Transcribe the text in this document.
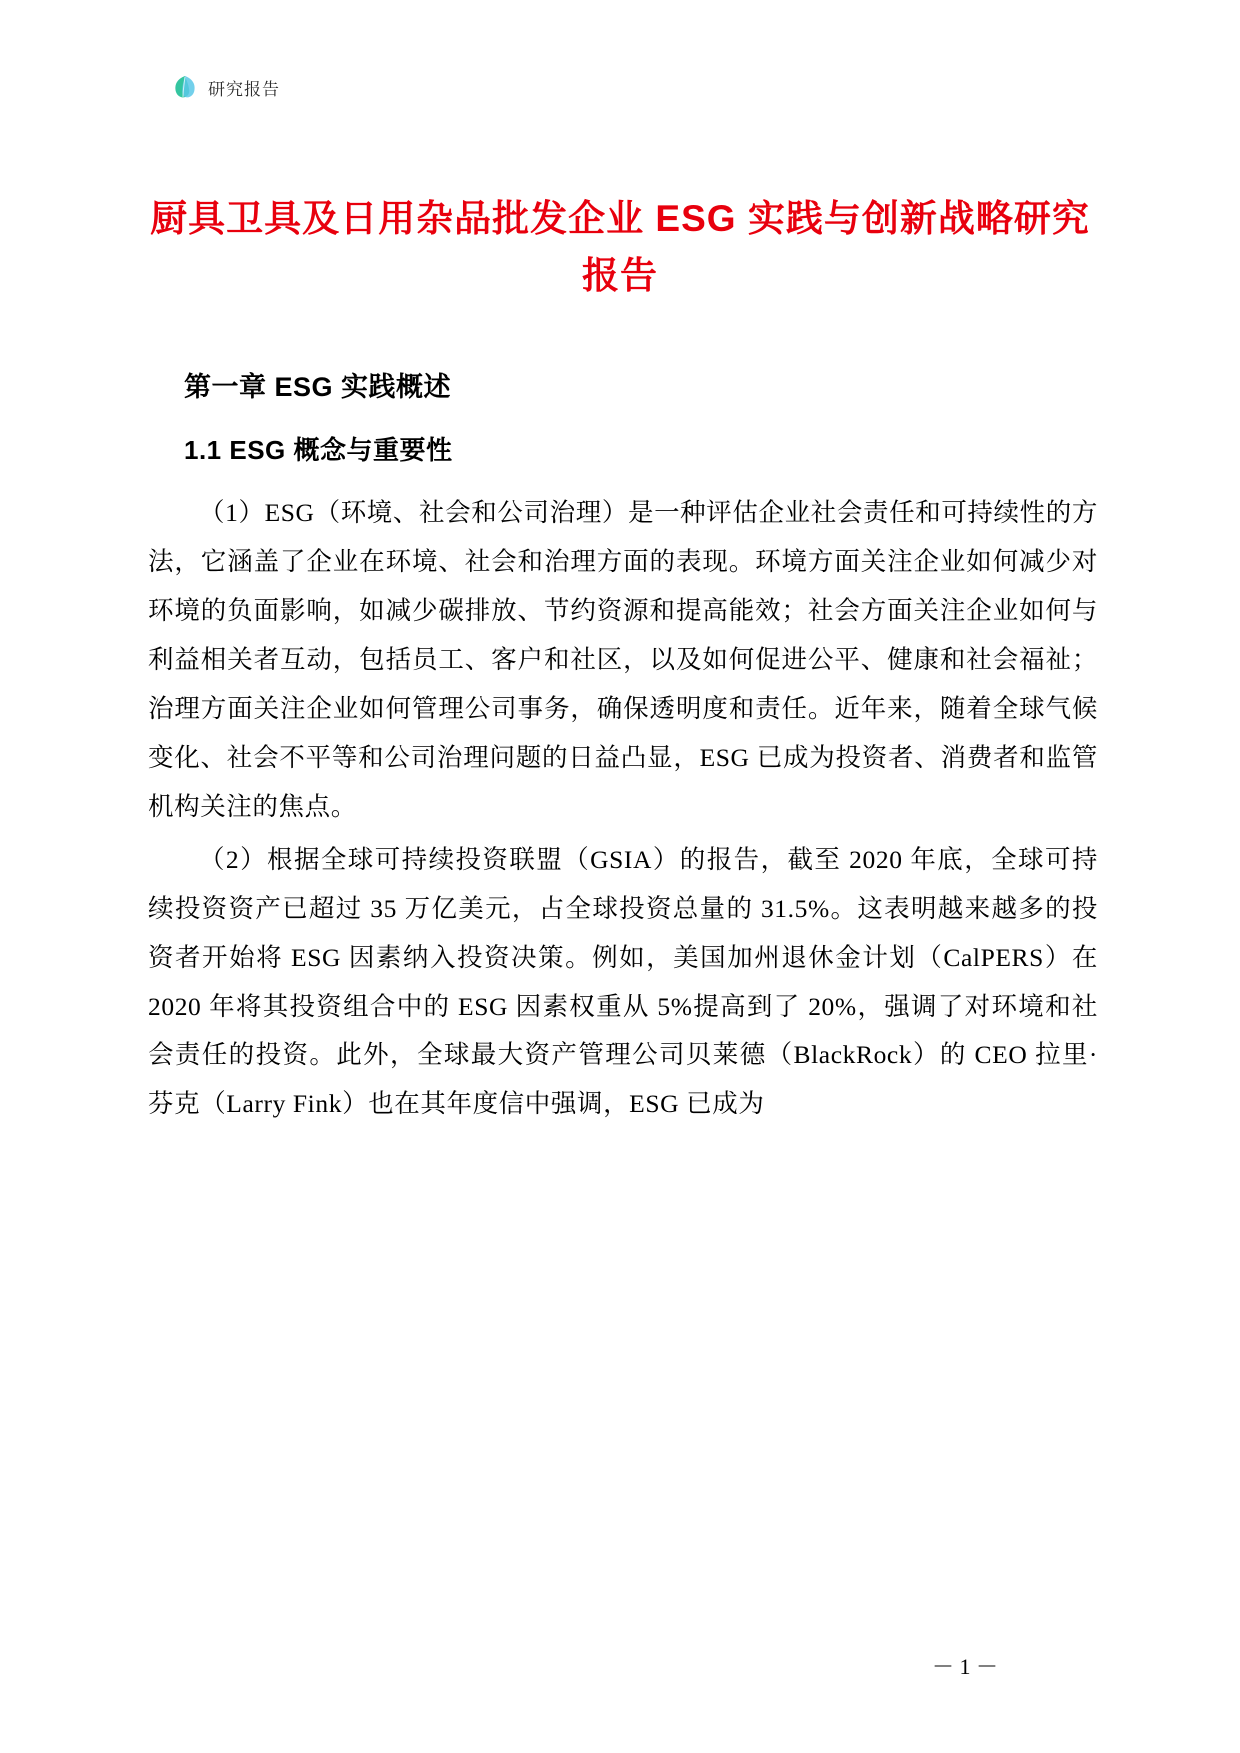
研究报告
厨具卫具及日用杂品批发企业 ESG 实践与创新战略研究报告
第一章 ESG 实践概述
1.1 ESG 概念与重要性

（1）ESG（环境、社会和公司治理）是一种评估企业社会责任和可持续性的方法，它涵盖了企业在环境、社会和治理方面的表现。环境方面关注企业如何减少对环境的负面影响，如减少碳排放、节约资源和提高能效；社会方面关注企业如何与利益相关者互动，包括员工、客户和社区，以及如何促进公平、健康和社会福祉；治理方面关注企业如何管理公司事务，确保透明度和责任。近年来，随着全球气候变化、社会不平等和公司治理问题的日益凸显，ESG 已成为投资者、消费者和监管机构关注的焦点。

（2）根据全球可持续投资联盟（GSIA）的报告，截至 2020 年底，全球可持续投资资产已超过 35 万亿美元，占全球投资总量的 31.5%。这表明越来越多的投资者开始将 ESG 因素纳入投资决策。例如，美国加州退休金计划（CalPERS）在 2020 年将其投资组合中的 ESG 因素权重从 5%提高到了 20%，强调了对环境和社会责任的投资。此外，全球最大资产管理公司贝莱德（BlackRock）的 CEO 拉里·芬克（Larry Fink）也在其年度信中强调，ESG 已成为

－ 1 －
